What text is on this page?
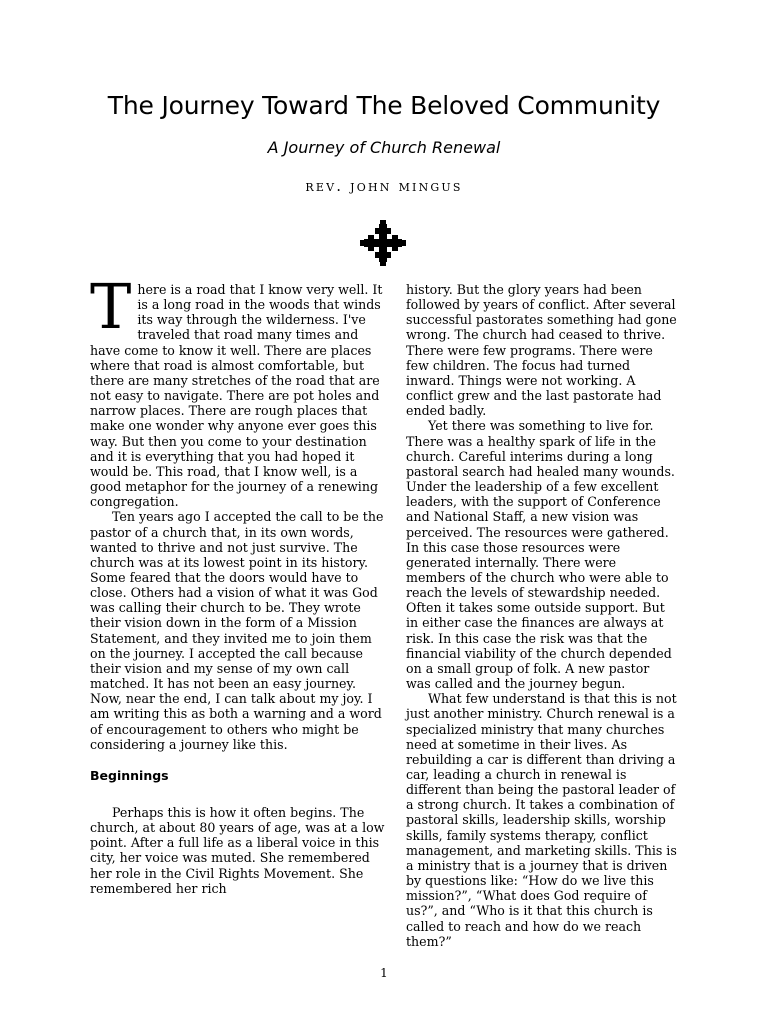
The Journey Toward The Beloved Community
A Journey of Church Renewal
rev. john mingus

There is a road that I know very well. It is a long road in the woods that winds its way through the wilderness. I've traveled that road many times and have come to know it well. There are places where that road is almost comfortable, but there are many stretches of the road that are not easy to navigate. There are pot holes and narrow places. There are rough places that make one wonder why anyone ever goes this way. But then you come to your destination and it is everything that you had hoped it would be. This road, that I know well, is a good metaphor for the journey of a renewing congregation.

Ten years ago I accepted the call to be the pastor of a church that, in its own words, wanted to thrive and not just survive. The church was at its lowest point in its history. Some feared that the doors would have to close. Others had a vision of what it was God was calling their church to be. They wrote their vision down in the form of a Mission Statement, and they invited me to join them on the journey. I accepted the call because their vision and my sense of my own call matched. It has not been an easy journey. Now, near the end, I can talk about my joy. I am writing this as both a warning and a word of encouragement to others who might be considering a journey like this.

Beginnings

Perhaps this is how it often begins. The church, at about 80 years of age, was at a low point. After a full life as a liberal voice in this city, her voice was muted. She remembered her role in the Civil Rights Movement. She remembered her rich

history. But the glory years had been followed by years of conflict. After several successful pastorates something had gone wrong. The church had ceased to thrive. There were few programs. There were few children. The focus had turned inward. Things were not working. A conflict grew and the last pastorate had ended badly.

Yet there was something to live for. There was a healthy spark of life in the church. Careful interims during a long pastoral search had healed many wounds. Under the leadership of a few excellent leaders, with the support of Conference and National Staff, a new vision was perceived. The resources were gathered. In this case those resources were generated internally. There were members of the church who were able to reach the levels of stewardship needed. Often it takes some outside support. But in either case the finances are always at risk. In this case the risk was that the financial viability of the church depended on a small group of folk. A new pastor was called and the journey begun.

What few understand is that this is not just another ministry. Church renewal is a specialized ministry that many churches need at sometime in their lives. As rebuilding a car is different than driving a car, leading a church in renewal is different than being the pastoral leader of a strong church. It takes a combination of pastoral skills, leadership skills, worship skills, family systems therapy, conflict management, and marketing skills. This is a ministry that is a journey that is driven by questions like: “How do we live this mission?”, “What does God require of us?”, and “Who is it that this church is called to reach and how do we reach them?”

1
